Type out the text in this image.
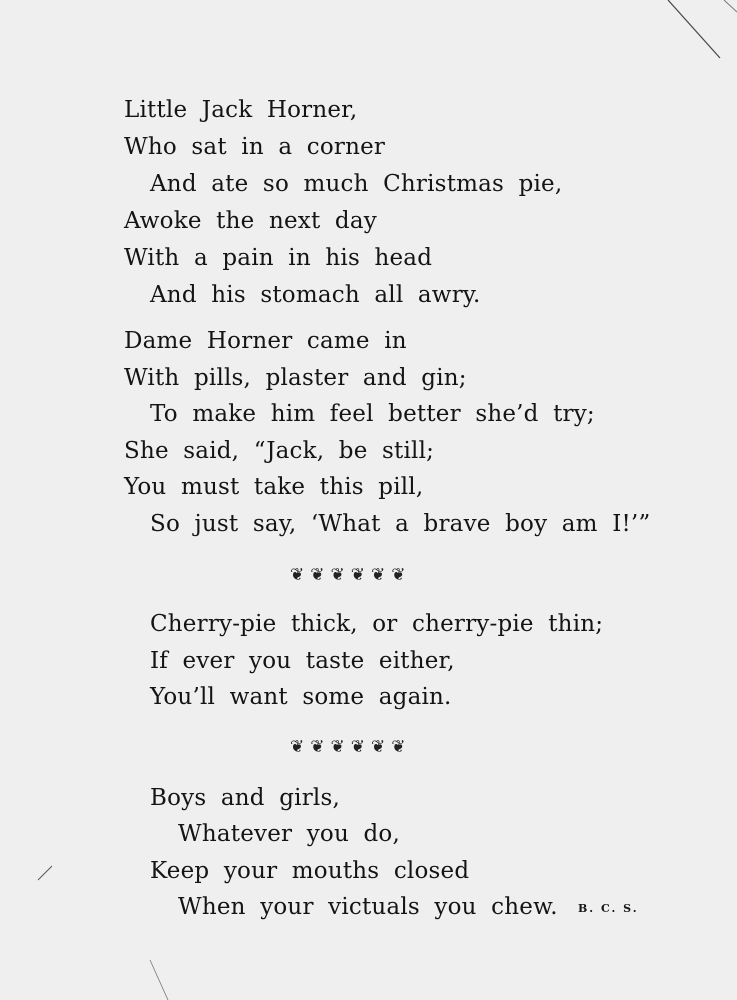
Little Jack Horner,
Who sat in a corner
And ate so much Christmas pie,
Awoke the next day
With a pain in his head
And his stomach all awry.
Dame Horner came in
With pills, plaster and gin;
To make him feel better she’d try;
She said, “Jack, be still;
You must take this pill,
So just say, ‘What a brave boy am I!’”
❦❦❦❦❦❦
Cherry-pie thick, or cherry-pie thin;
If ever you taste either,
You’ll want some again.
❦❦❦❦❦❦
Boys and girls,
Whatever you do,
Keep your mouths closed
When your victuals you chew. B. C. S.
